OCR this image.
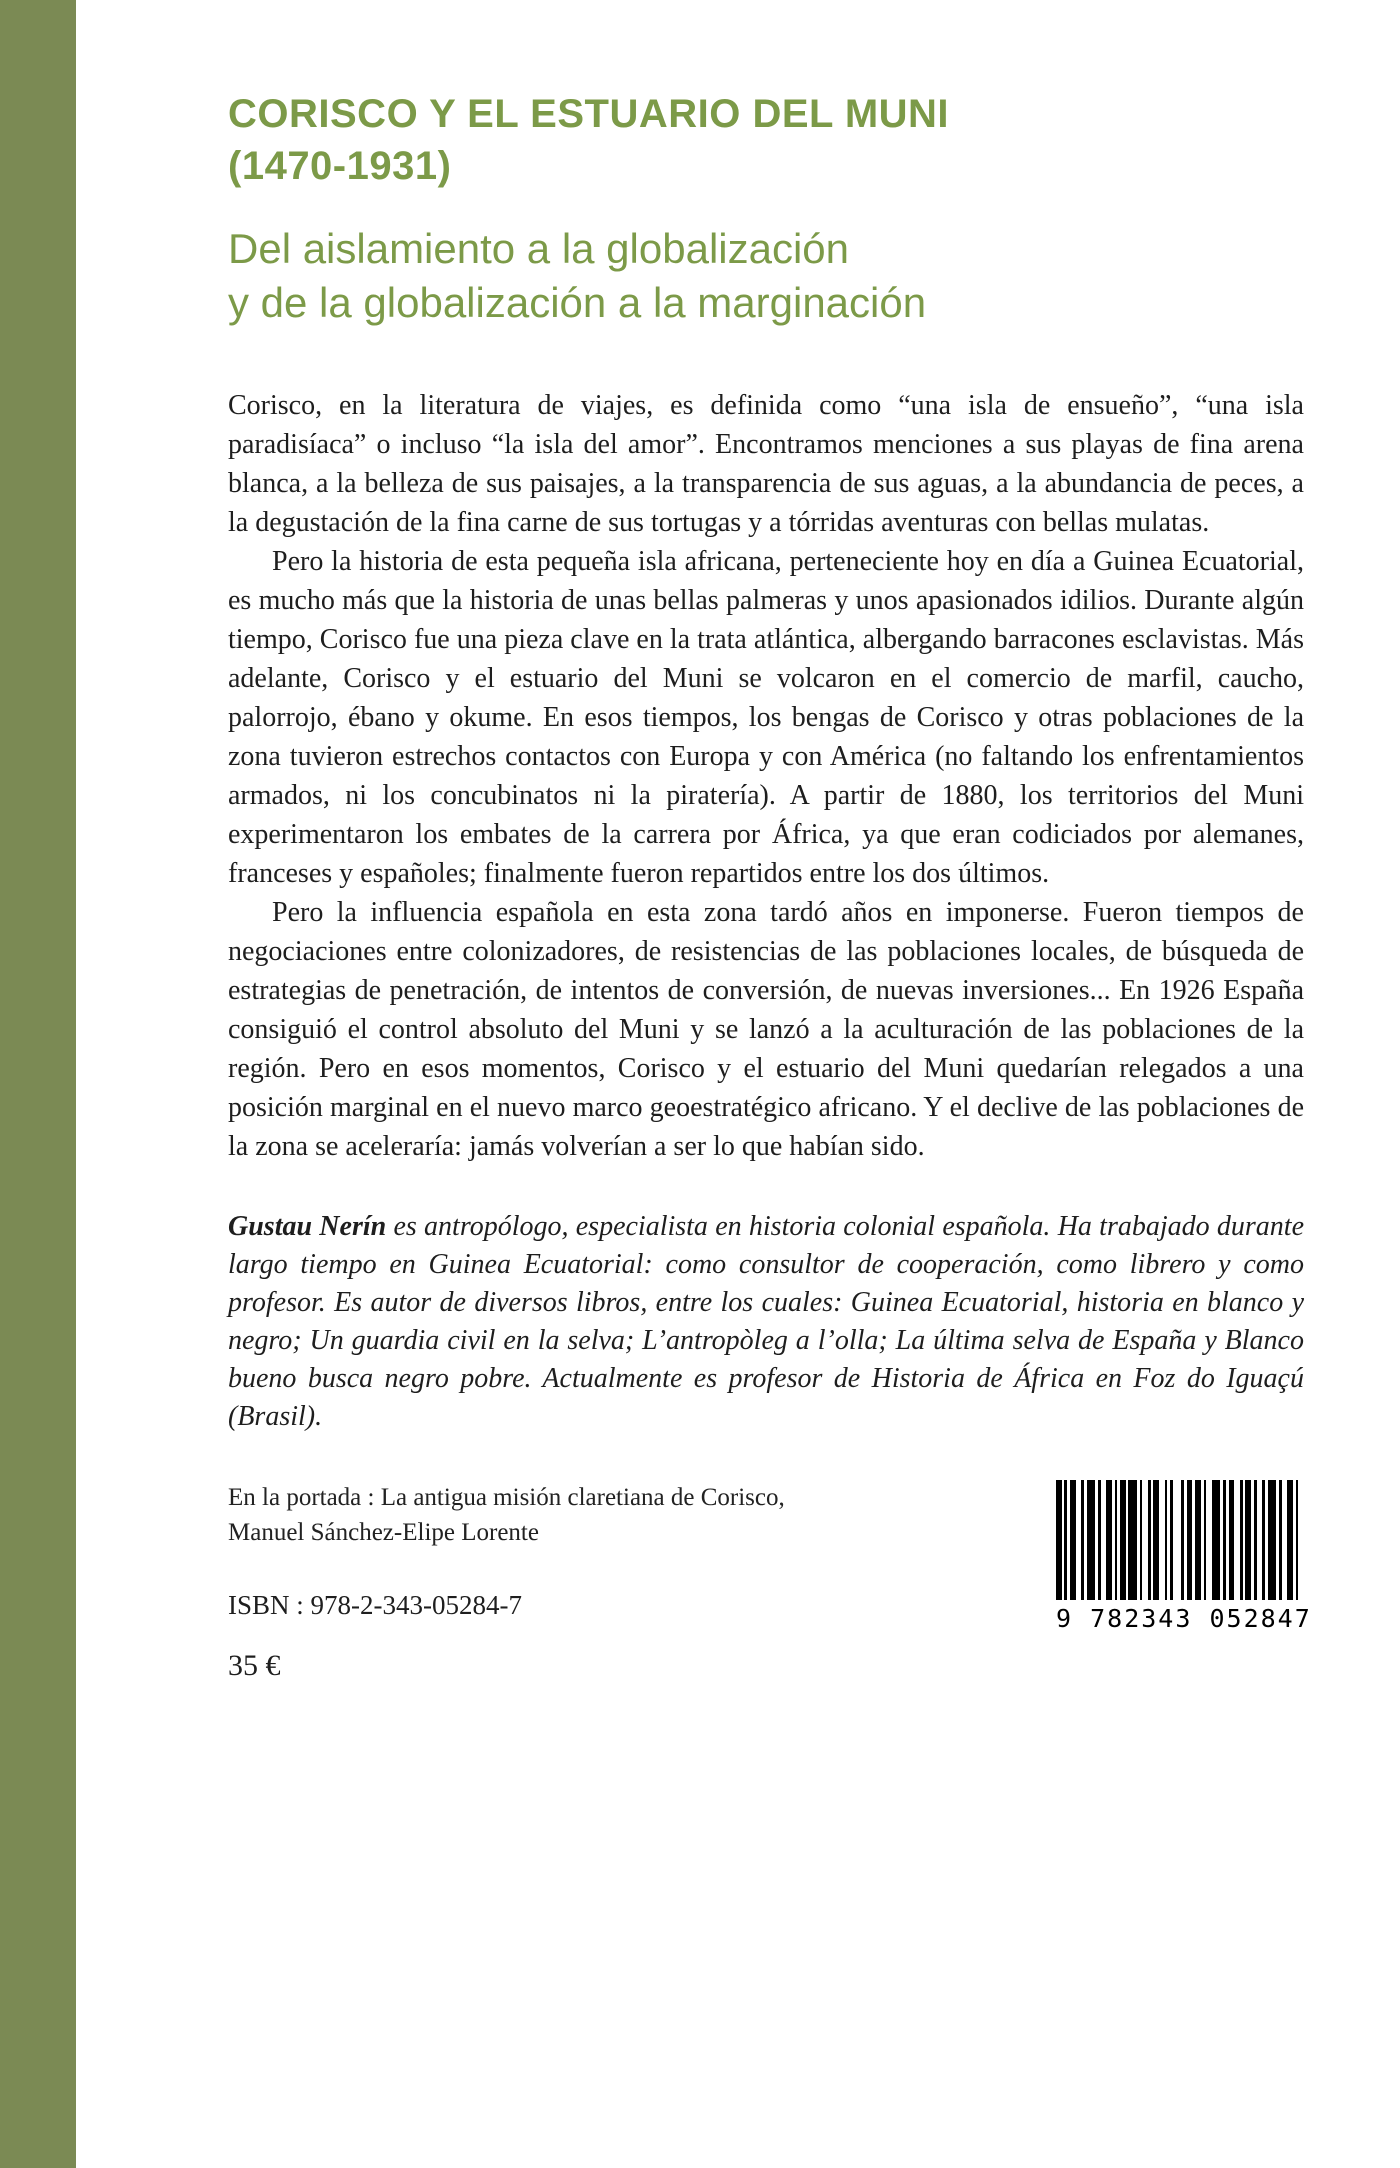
CORISCO Y EL ESTUARIO DEL MUNI
(1470-1931)
Del aislamiento a la globalización
y de la globalización a la marginación

Corisco, en la literatura de viajes, es definida como “una isla de ensueño”, “una isla paradisíaca” o incluso “la isla del amor”. Encontramos menciones a sus playas de fina arena blanca, a la belleza de sus paisajes, a la transparencia de sus aguas, a la abundancia de peces, a la degustación de la fina carne de sus tortugas y a tórridas aventuras con bellas mulatas.

Pero la historia de esta pequeña isla africana, perteneciente hoy en día a Guinea Ecuatorial, es mucho más que la historia de unas bellas palmeras y unos apasionados idilios. Durante algún tiempo, Corisco fue una pieza clave en la trata atlántica, albergando barracones esclavistas. Más adelante, Corisco y el estuario del Muni se volcaron en el comercio de marfil, caucho, palorrojo, ébano y okume. En esos tiempos, los bengas de Corisco y otras poblaciones de la zona tuvieron estrechos contactos con Europa y con América (no faltando los enfrentamientos armados, ni los concubinatos ni la piratería). A partir de 1880, los territorios del Muni experimentaron los embates de la carrera por África, ya que eran codiciados por alemanes, franceses y españoles; finalmente fueron repartidos entre los dos últimos.

Pero la influencia española en esta zona tardó años en imponerse. Fueron tiempos de negociaciones entre colonizadores, de resistencias de las poblaciones locales, de búsqueda de estrategias de penetración, de intentos de conversión, de nuevas inversiones... En 1926 España consiguió el control absoluto del Muni y se lanzó a la aculturación de las poblaciones de la región. Pero en esos momentos, Corisco y el estuario del Muni quedarían relegados a una posición marginal en el nuevo marco geoestratégico africano. Y el declive de las poblaciones de la zona se aceleraría: jamás volverían a ser lo que habían sido.

Gustau Nerín es antropólogo, especialista en historia colonial española. Ha trabajado durante largo tiempo en Guinea Ecuatorial: como consultor de cooperación, como librero y como profesor. Es autor de diversos libros, entre los cuales: Guinea Ecuatorial, historia en blanco y negro; Un guardia civil en la selva; L’antropòleg a l’olla; La última selva de España y Blanco bueno busca negro pobre. Actualmente es profesor de Historia de África en Foz do Iguaçú (Brasil).

En la portada : La antigua misión claretiana de Corisco,
Manuel Sánchez-Elipe Lorente

ISBN : 978-2-343-05284-7

35 €

9 782343 052847
